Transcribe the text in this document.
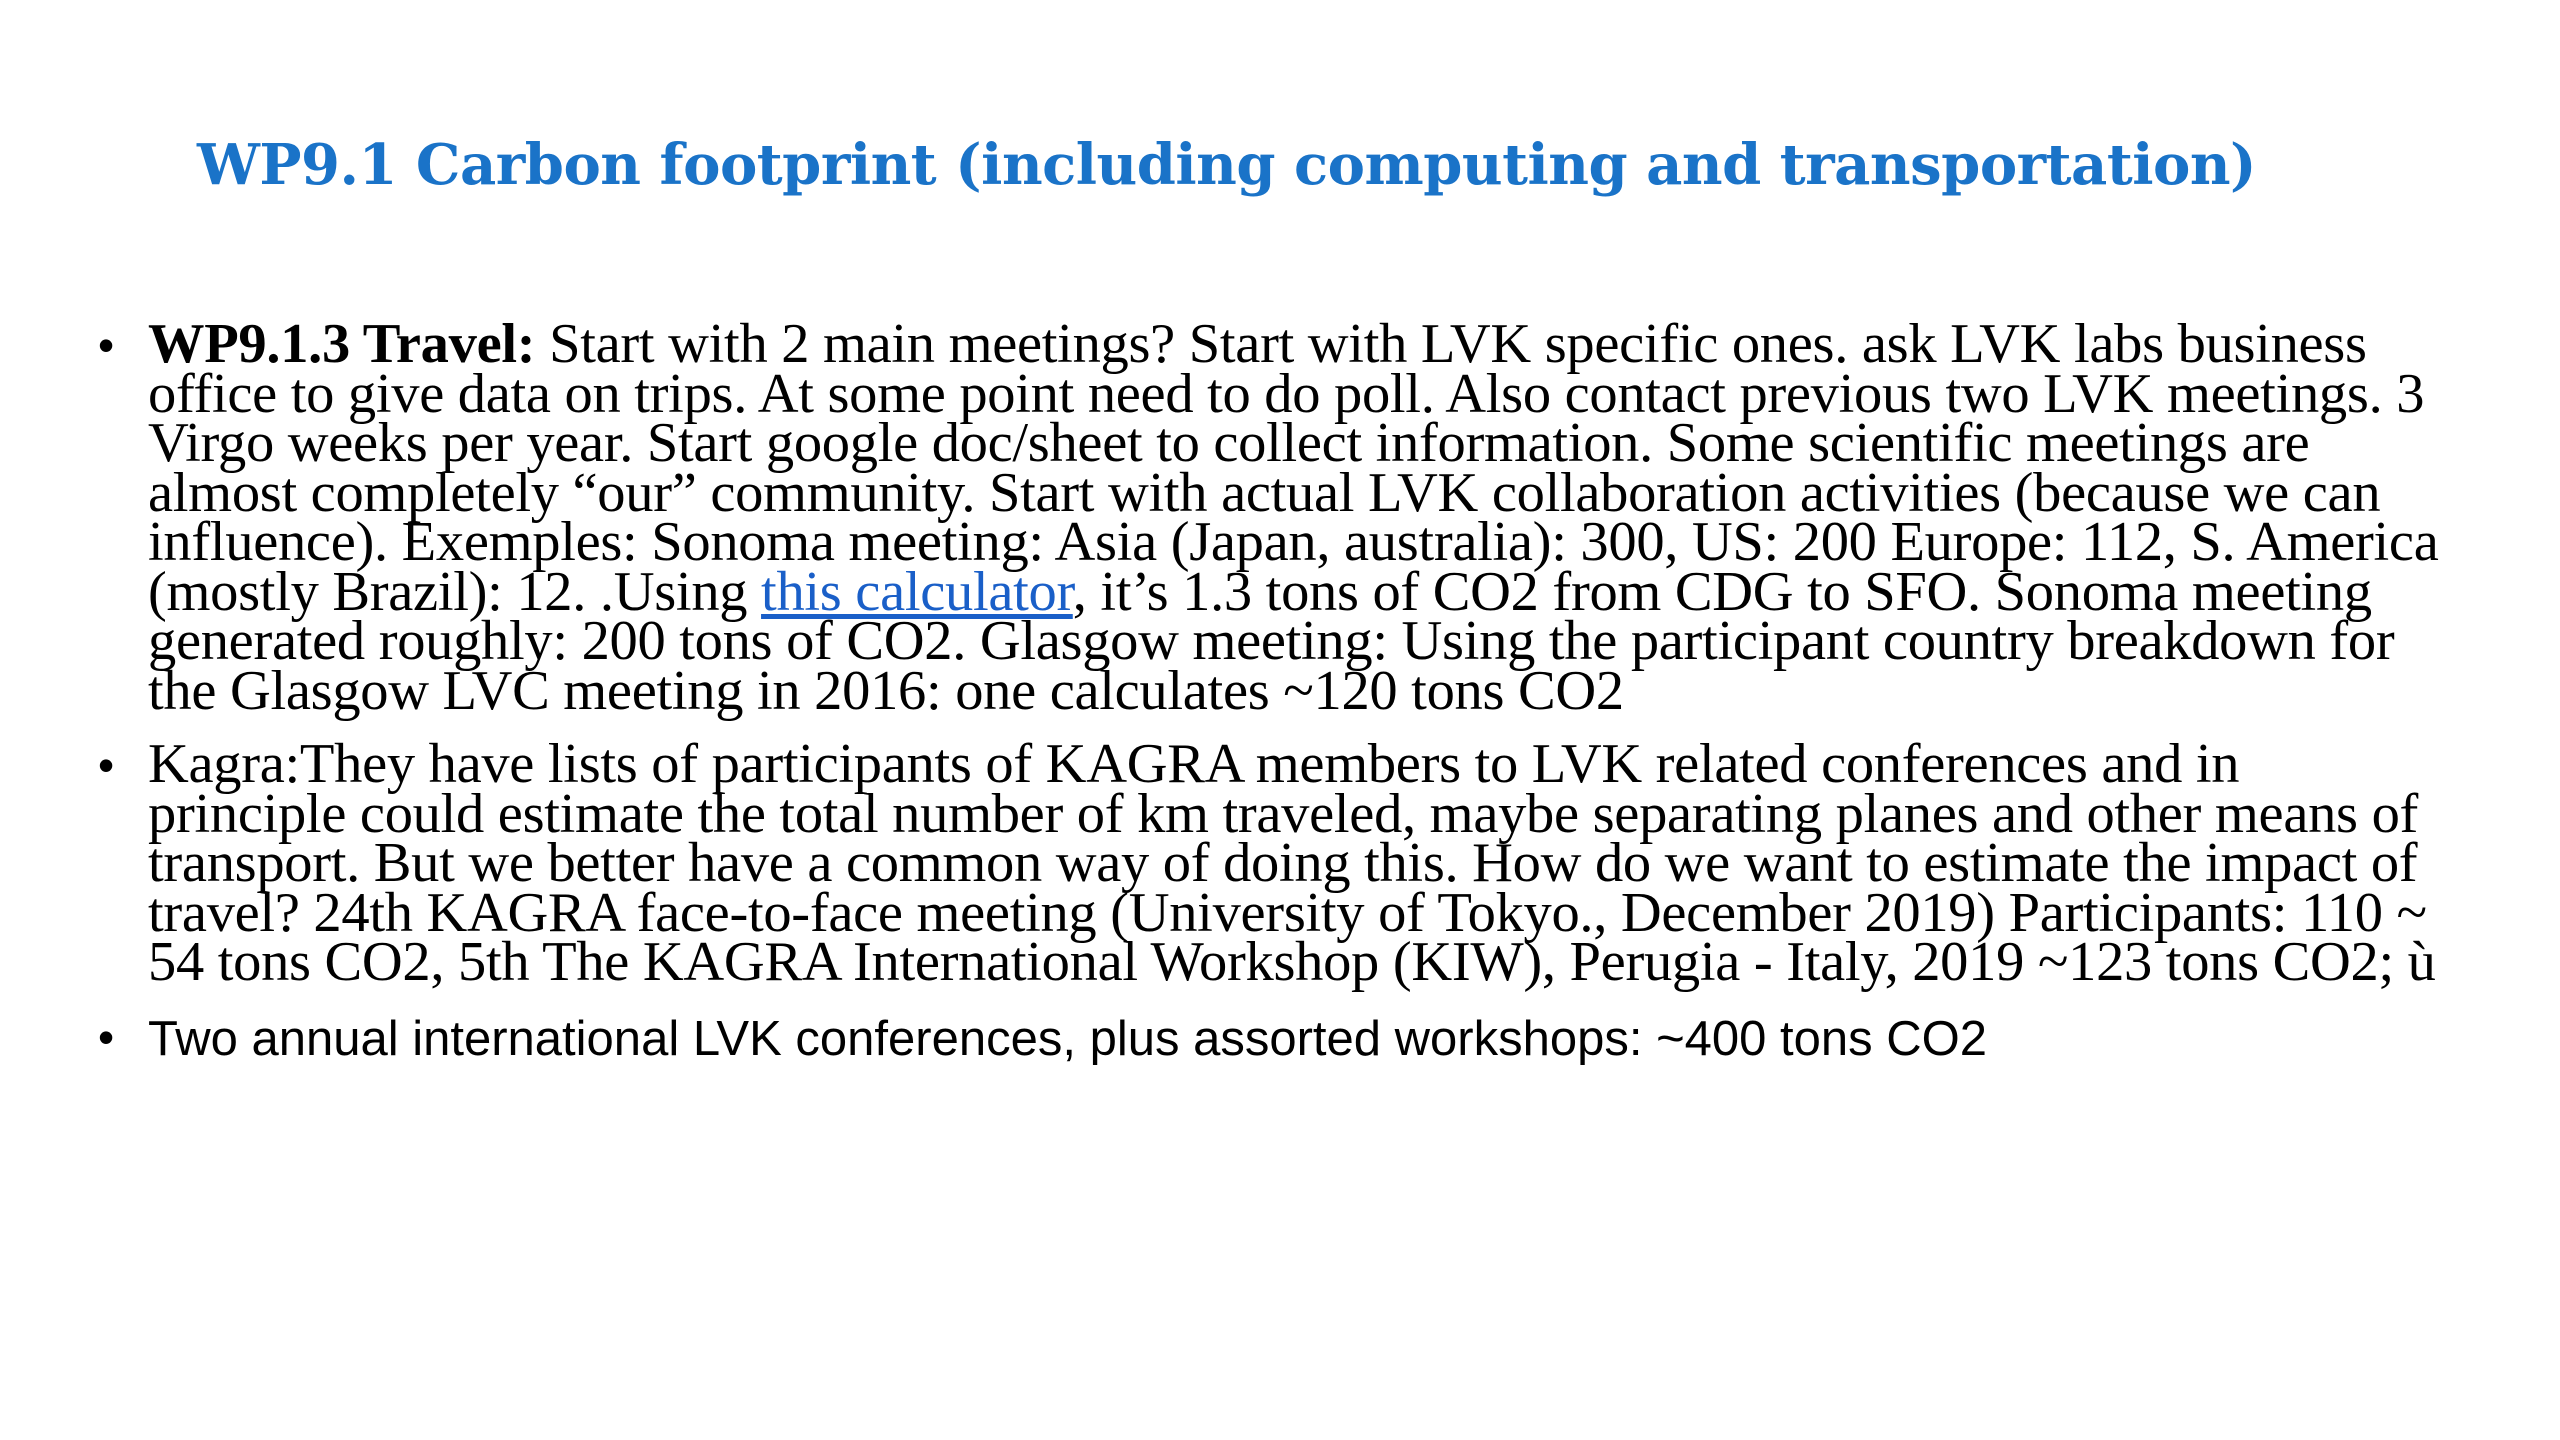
WP9.1 Carbon footprint (including computing and transportation)
• WP9.1.3 Travel: Start with 2 main meetings? Start with LVK specific ones. ask LVK labs business office to give data on trips. At some point need to do poll. Also contact previous two LVK meetings. 3 Virgo weeks per year. Start google doc/sheet to collect information. Some scientific meetings are almost completely “our” community. Start with actual LVK collaboration activities (because we can influence). Exemples: Sonoma meeting: Asia (Japan, australia): 300, US: 200 Europe: 112, S. America (mostly Brazil): 12. .Using this calculator, it’s 1.3 tons of CO2 from CDG to SFO. Sonoma meeting generated roughly: 200 tons of CO2. Glasgow meeting: Using the participant country breakdown for the Glasgow LVC meeting in 2016: one calculates ~120 tons CO2
• Kagra:They have lists of participants of KAGRA members to LVK related conferences and in principle could estimate the total number of km traveled, maybe separating planes and other means of transport. But we better have a common way of doing this. How do we want to estimate the impact of travel? 24th KAGRA face-to-face meeting (University of Tokyo., December 2019) Participants: 110 ~ 54 tons CO2, 5th The KAGRA International Workshop (KIW), Perugia - Italy, 2019 ~123 tons CO2; ù
• Two annual international LVK conferences, plus assorted workshops: ~400 tons CO2
